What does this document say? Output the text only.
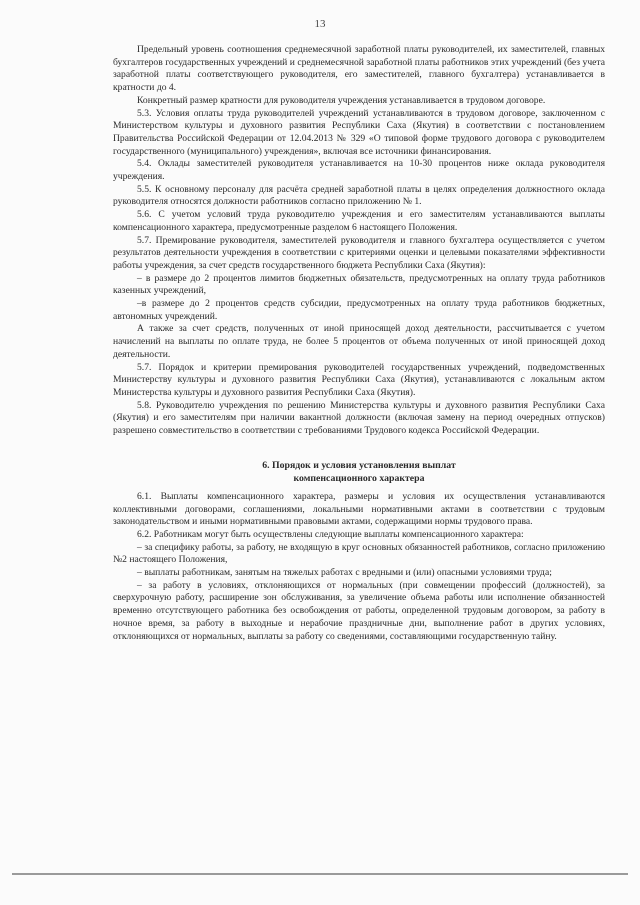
13

Предельный уровень соотношения среднемесячной заработной платы руководителей, их заместителей, главных бухгалтеров государственных учреждений и среднемесячной заработной платы работников этих учреждений (без учета заработной платы соответствующего руководителя, его заместителей, главного бухгалтера) устанавливается в кратности до 4.

Конкретный размер кратности для руководителя учреждения устанавливается в трудовом договоре.

5.3. Условия оплаты труда руководителей учреждений устанавливаются в трудовом договоре, заключенном с Министерством культуры и духовного развития Республики Саха (Якутия) в соответствии с постановлением Правительства Российской Федерации от 12.04.2013 № 329 «О типовой форме трудового договора с руководителем государственного (муниципального) учреждения», включая все источники финансирования.

5.4. Оклады заместителей руководителя устанавливается на 10-30 процентов ниже оклада руководителя учреждения.

5.5. К основному персоналу для расчёта средней заработной платы в целях определения должностного оклада руководителя относятся должности работников согласно приложению № 1.

5.6. С учетом условий труда руководителю учреждения и его заместителям устанавливаются выплаты компенсационного характера, предусмотренные разделом 6 настоящего Положения.

5.7. Премирование руководителя, заместителей руководителя и главного бухгалтера осуществляется с учетом результатов деятельности учреждения в соответствии с критериями оценки и целевыми показателями эффективности работы учреждения, за счет средств государственного бюджета Республики Саха (Якутия):

– в размере до 2 процентов лимитов бюджетных обязательств, предусмотренных на оплату труда работников казенных учреждений,

–в размере до 2 процентов средств субсидии, предусмотренных на оплату труда работников бюджетных, автономных учреждений.

А также за счет средств, полученных от иной приносящей доход деятельности, рассчитывается с учетом начислений на выплаты по оплате труда, не более 5 процентов от объема полученных от иной приносящей доход деятельности.

5.7. Порядок и критерии премирования руководителей государственных учреждений, подведомственных Министерству культуры и духовного развития Республики Саха (Якутия), устанавливаются с локальным актом Министерства культуры и духовного развития Республики Саха (Якутия).

5.8. Руководителю учреждения по решению Министерства культуры и духовного развития Республики Саха (Якутия) и его заместителям при наличии вакантной должности (включая замену на период очередных отпусков) разрешено совместительство в соответствии с требованиями Трудового кодекса Российской Федерации.

6. Порядок и условия установления выплат
компенсационного характера

6.1. Выплаты компенсационного характера, размеры и условия их осуществления устанавливаются коллективными договорами, соглашениями, локальными нормативными актами в соответствии с трудовым законодательством и иными нормативными правовыми актами, содержащими нормы трудового права.

6.2. Работникам могут быть осуществлены следующие выплаты компенсационного характера:

– за специфику работы, за работу, не входящую в круг основных обязанностей работников, согласно приложению №2 настоящего Положения,

– выплаты работникам, занятым на тяжелых работах с вредными и (или) опасными условиями труда;

– за работу в условиях, отклоняющихся от нормальных (при совмещении профессий (должностей), за сверхурочную работу, расширение зон обслуживания, за увеличение объема работы или исполнение обязанностей временно отсутствующего работника без освобождения от работы, определенной трудовым договором, за работу в ночное время, за работу в выходные и нерабочие праздничные дни, выполнение работ в других условиях, отклоняющихся от нормальных, выплаты за работу со сведениями, составляющими государственную тайну.
